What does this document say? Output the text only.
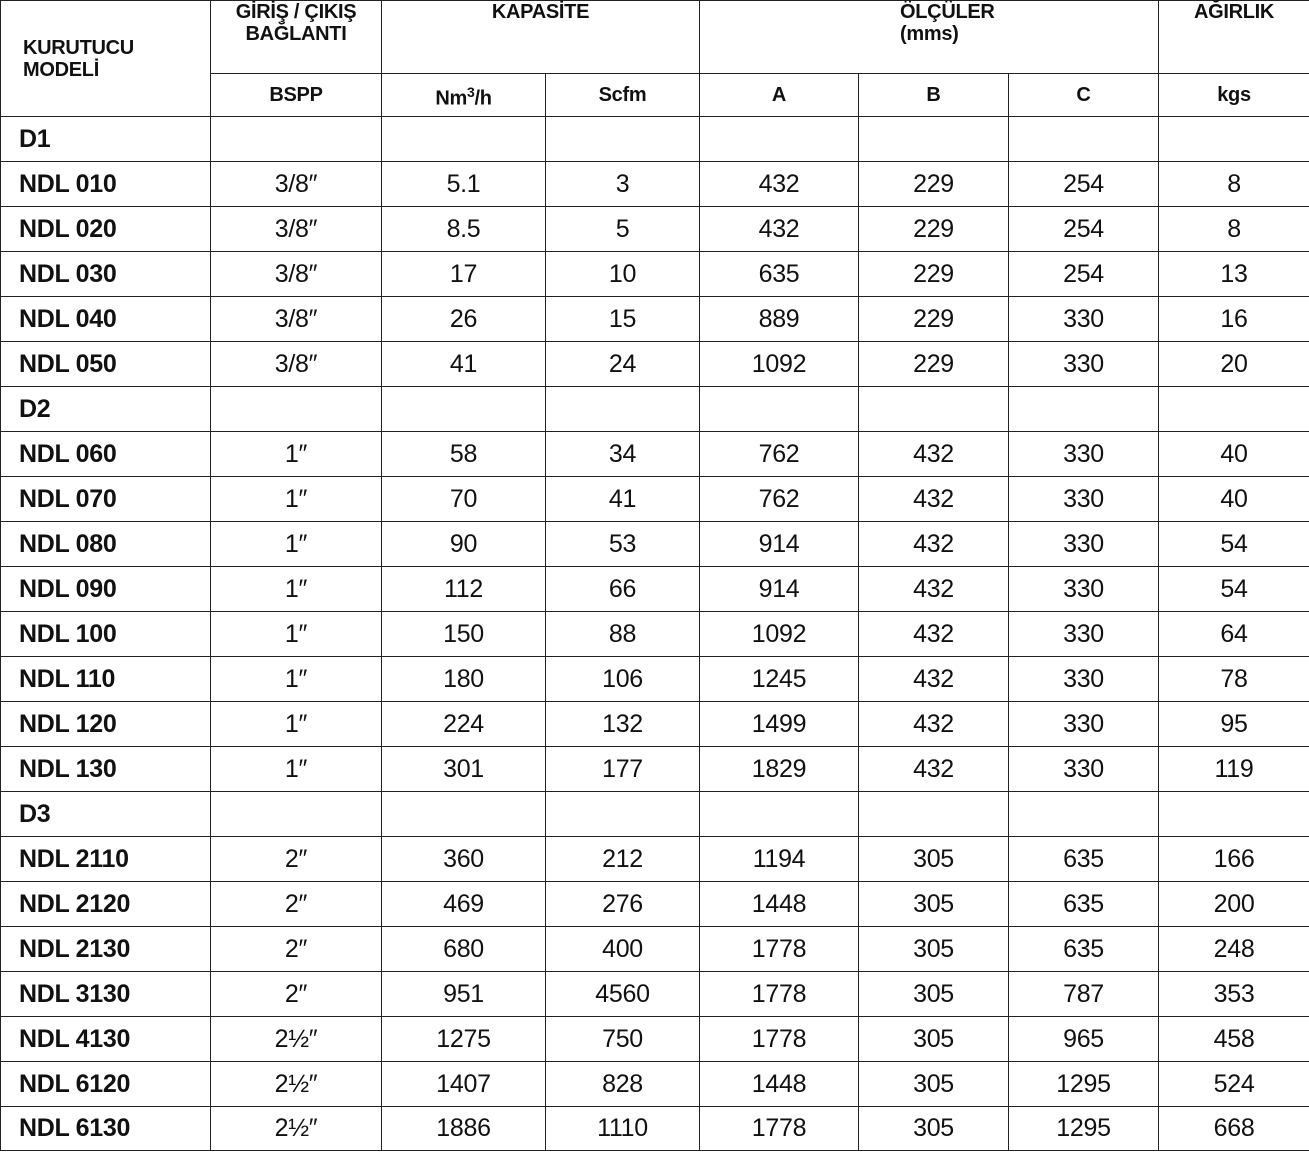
KURUTUCU MODELİ	GİRİŞ / ÇIKIŞ BAĞLANTI	KAPASİTE		ÖLÇÜLER (mms)			AĞIRLIK
	BSPP	Nm$^3$/h	Scfm	A	B	C	kgs
D1							
NDL 010	3/8″	5.1	3	432	229	254	8
NDL 020	3/8″	8.5	5	432	229	254	8
NDL 030	3/8″	17	10	635	229	254	13
NDL 040	3/8″	26	15	889	229	330	16
NDL 050	3/8″	41	24	1092	229	330	20
D2							
NDL 060	1″	58	34	762	432	330	40
NDL 070	1″	70	41	762	432	330	40
NDL 080	1″	90	53	914	432	330	54
NDL 090	1″	112	66	914	432	330	54
NDL 100	1″	150	88	1092	432	330	64
NDL 110	1″	180	106	1245	432	330	78
NDL 120	1″	224	132	1499	432	330	95
NDL 130	1″	301	177	1829	432	330	119
D3							
NDL 2110	2″	360	212	1194	305	635	166
NDL 2120	2″	469	276	1448	305	635	200
NDL 2130	2″	680	400	1778	305	635	248
NDL 3130	2″	951	4560	1778	305	787	353
NDL 4130	2½″	1275	750	1778	305	965	458
NDL 6120	2½″	1407	828	1448	305	1295	524
NDL 6130	2½″	1886	1110	1778	305	1295	668
